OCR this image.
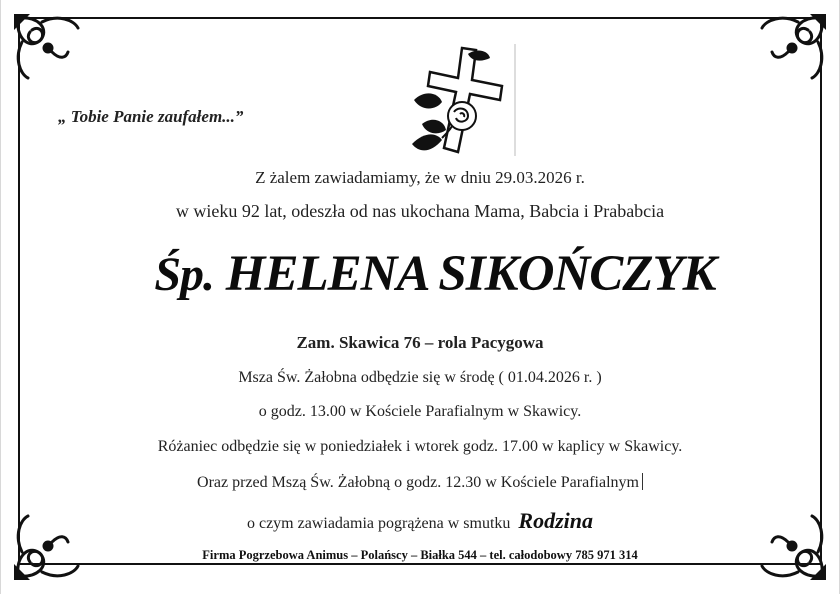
„ Tobie Panie zaufałem...”
Z żalem zawiadamiamy, że w dniu 29.03.2026 r.
w wieku 92 lat, odeszła od nas ukochana Mama, Babcia i Prababcia
Śp. HELENA SIKOŃCZYK
Zam. Skawica 76 – rola Pacygowa
Msza Św. Żałobna odbędzie się w środę ( 01.04.2026 r. )
o godz. 13.00 w Kościele Parafialnym w Skawicy.
Różaniec odbędzie się w poniedziałek i wtorek godz. 17.00 w kaplicy w Skawicy.
Oraz przed Mszą Św. Żałobną o godz. 12.30 w Kościele Parafialnym
o czym zawiadamia pogrążena w smutku Rodzina
Firma Pogrzebowa Animus – Polańscy – Białka 544 – tel. całodobowy 785 971 314
